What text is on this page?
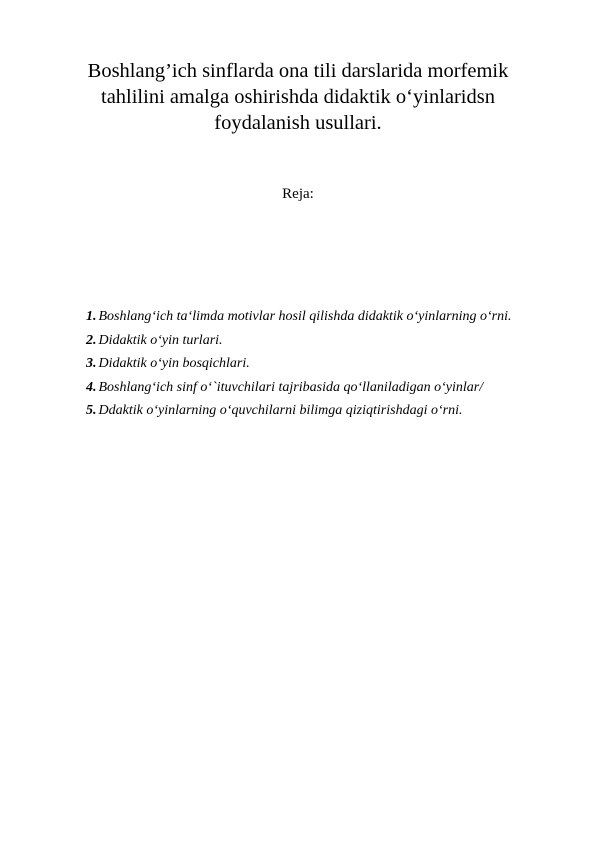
Boshlang’ich sinflarda ona tili darslarida morfemik tahlilini amalga oshirishda didaktik o‘yinlaridsn foydalanish usullari.
Reja:
1. Boshlang‘ich ta‘limda motivlar hosil qilishda didaktik o‘yinlarning o‘rni.
2. Didaktik o‘yin turlari.
3. Didaktik o‘yin bosqichlari.
4. Boshlang‘ich sinf o‘`ituvchilari tajribasida qo‘llaniladigan o‘yinlar/
5. Ddaktik o‘yinlarning o‘quvchilarni bilimga qiziqtirishdagi o‘rni.
